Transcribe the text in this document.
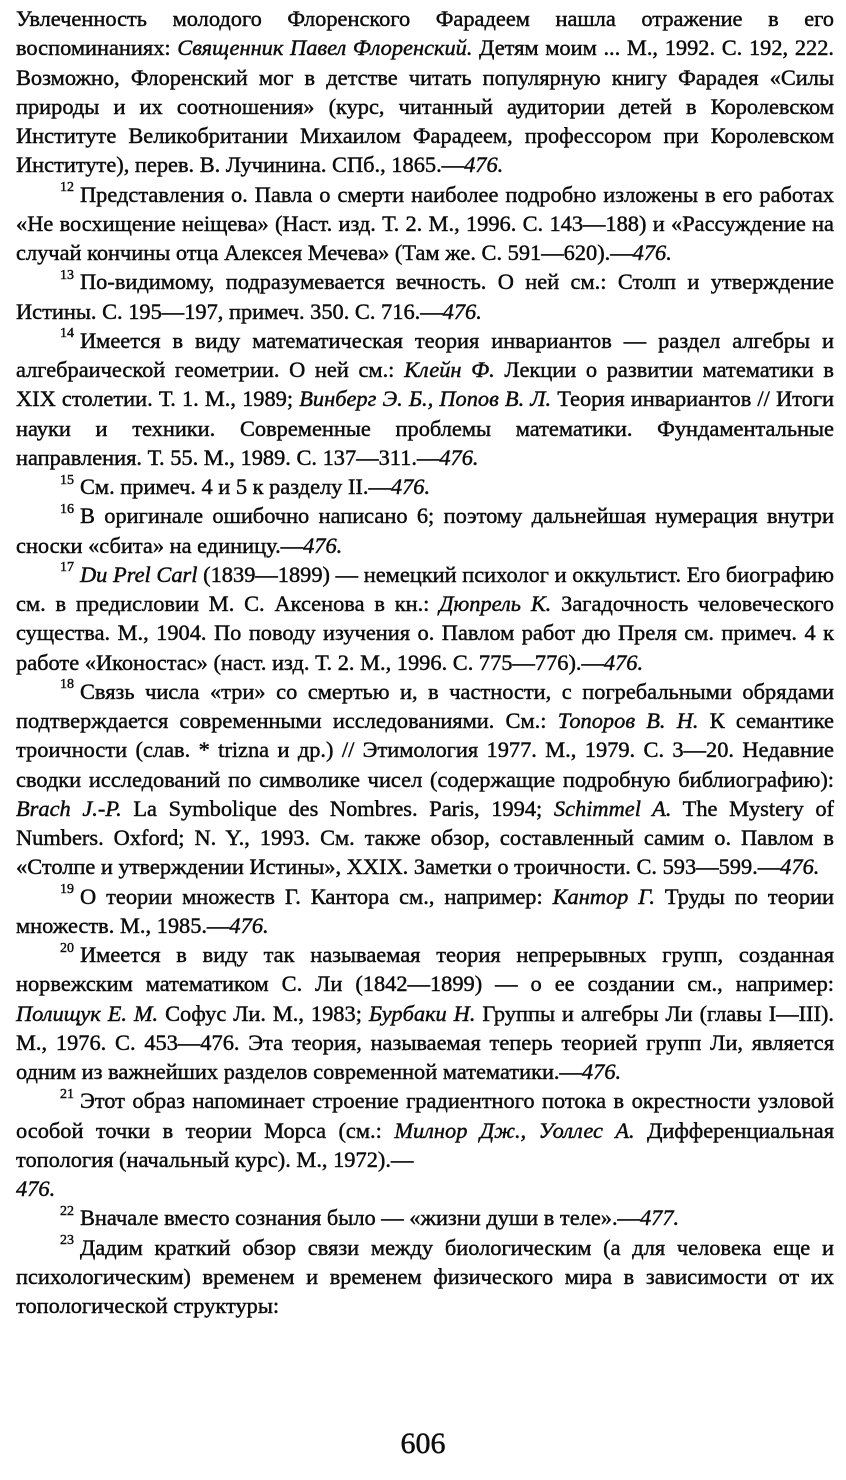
Увлеченность молодого Флоренского Фарадеем нашла отражение в его воспоминаниях: Священник Павел Флоренский. Детям моим ... М., 1992. С. 192, 222. Возможно, Флоренский мог в детстве читать популярную книгу Фарадея «Силы природы и их соотношения» (курс, читанный аудитории детей в Королевском Институте Великобритании Михаилом Фарадеем, профессором при Королевском Институте), перев. В. Лучинина. СПб., 1865.—476.

$^{12}$ Представления о. Павла о смерти наиболее подробно изложены в его работах «Не восхищение неіщева» (Наст. изд. Т. 2. М., 1996. С. 143—188) и «Рассуждение на случай кончины отца Алексея Мечева» (Там же. С. 591—620).—476.

$^{13}$ По-видимому, подразумевается вечность. О ней см.: Столп и утверждение Истины. С. 195—197, примеч. 350. С. 716.—476.

$^{14}$ Имеется в виду математическая теория инвариантов — раздел алгебры и алгебраической геометрии. О ней см.: Клейн Ф. Лекции о развитии математики в XIX столетии. Т. 1. М., 1989; Винберг Э. Б., Попов В. Л. Теория инвариантов // Итоги науки и техники. Современные проблемы математики. Фундаментальные направления. Т. 55. М., 1989. С. 137—311.—476.

$^{15}$ См. примеч. 4 и 5 к разделу II.—476.

$^{16}$ В оригинале ошибочно написано 6; поэтому дальнейшая нумерация внутри сноски «сбита» на единицу.—476.

$^{17}$ Du Prel Carl (1839—1899) — немецкий психолог и оккультист. Его биографию см. в предисловии М. С. Аксенова в кн.: Дюпрель К. Загадочность человеческого существа. М., 1904. По поводу изучения о. Павлом работ дю Преля см. примеч. 4 к работе «Иконостас» (наст. изд. Т. 2. М., 1996. С. 775—776).—476.

$^{18}$ Связь числа «три» со смертью и, в частности, с погребальными обрядами подтверждается современными исследованиями. См.: Топоров В. Н. К семантике троичности (слав. * trizna и др.) // Этимология 1977. М., 1979. С. 3—20. Недавние сводки исследований по символике чисел (содержащие подробную библиографию): Brach J.-P. La Symbolique des Nombres. Paris, 1994; Schimmel A. The Mystery of Numbers. Oxford; N. Y., 1993. См. также обзор, составленный самим о. Павлом в «Столпе и утверждении Истины», XXIX. Заметки о троичности. С. 593—599.—476.

$^{19}$ О теории множеств Г. Кантора см., например: Кантор Г. Труды по теории множеств. М., 1985.—476.

$^{20}$ Имеется в виду так называемая теория непрерывных групп, созданная норвежским математиком С. Ли (1842—1899) — о ее создании см., например: Полищук Е. М. Софус Ли. М., 1983; Бурбаки Н. Группы и алгебры Ли (главы I—III). М., 1976. С. 453—476. Эта теория, называемая теперь теорией групп Ли, является одним из важнейших разделов современной математики.—476.

$^{21}$ Этот образ напоминает строение градиентного потока в окрестности узловой особой точки в теории Морса (см.: Милнор Дж., Уоллес А. Дифференциальная топология (начальный курс). М., 1972).—
476.

$^{22}$ Вначале вместо сознания было — «жизни души в теле».—477.

$^{23}$ Дадим краткий обзор связи между биологическим (а для человека еще и психологическим) временем и временем физического мира в зависимости от их топологической структуры:

606
